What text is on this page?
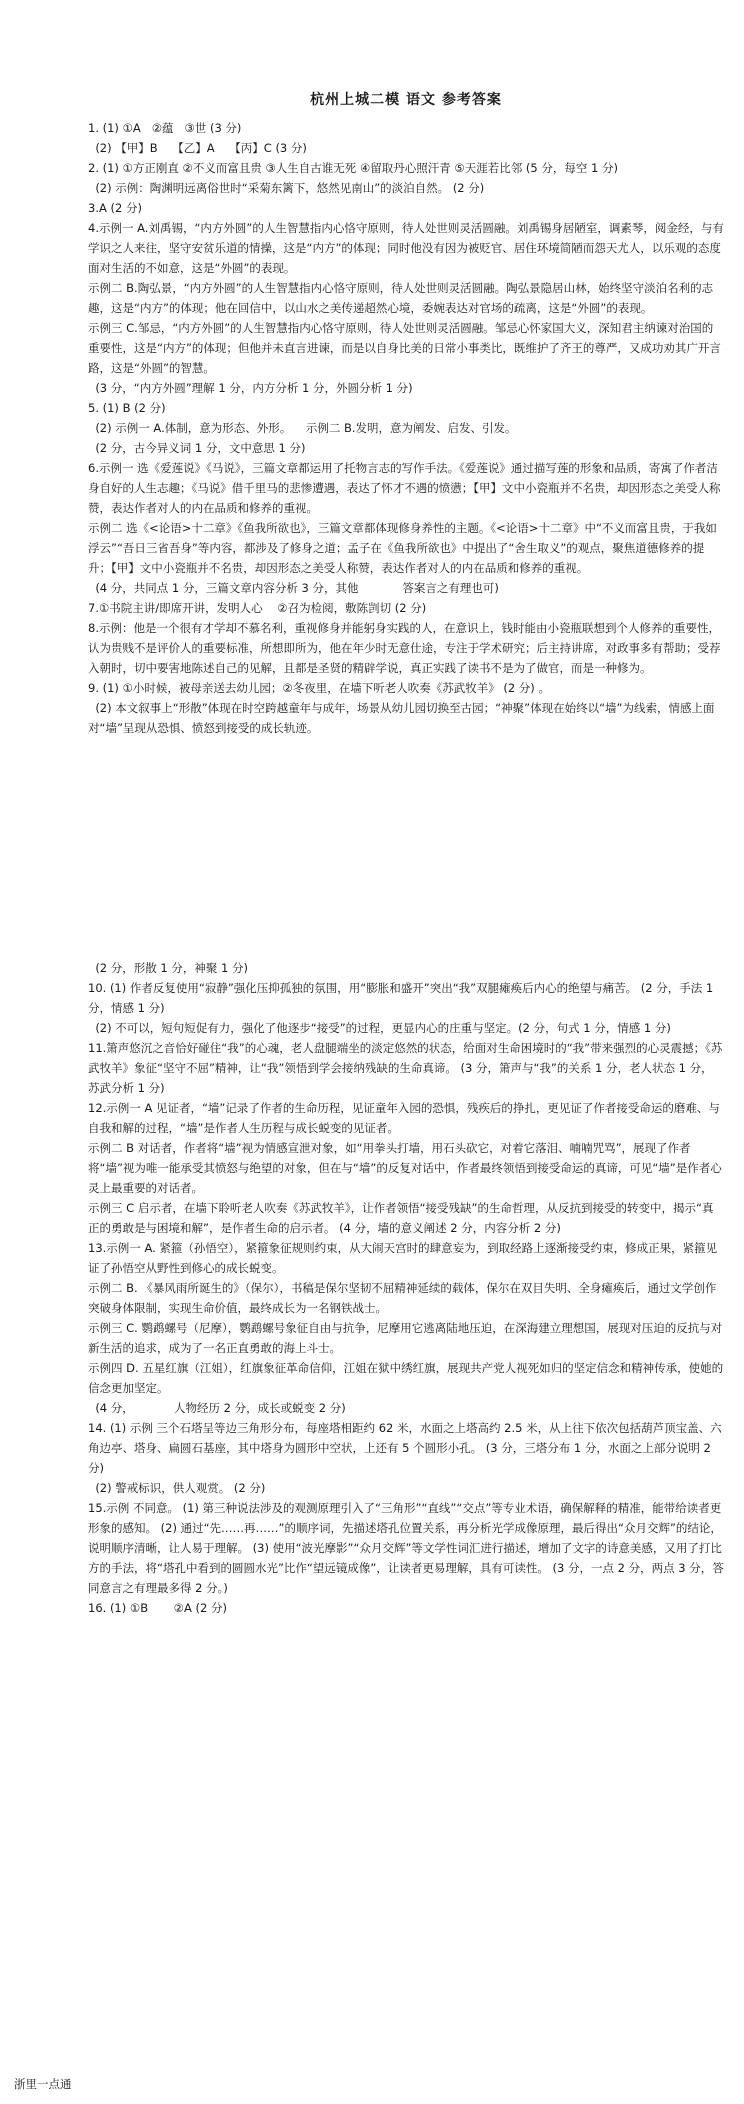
杭州上城二模 语文 参考答案
1. (1) ①A   ②蕴   ③世 (3 分)
(2) 【甲】B    【乙】A    【丙】C (3 分)
2. (1) ①方正刚直 ②不义而富且贵 ③人生自古谁无死 ④留取丹心照汗青 ⑤天涯若比邻 (5 分，每空 1 分)
(2) 示例：陶渊明远离俗世时“采菊东篱下，悠然见南山”的淡泊自然。 (2 分)
3.A (2 分)
4.示例一 A.刘禹锡，“内方外圆”的人生智慧指内心恪守原则，待人处世则灵活圆融。刘禹锡身居陋室，调素琴，阅金经，与有学识之人来往，坚守安贫乐道的情操，这是“内方”的体现；同时他没有因为被贬官、居住环境简陋而怨天尤人，以乐观的态度面对生活的不如意，这是“外圆”的表现。
示例二 B.陶弘景，“内方外圆”的人生智慧指内心恪守原则，待人处世则灵活圆融。陶弘景隐居山林，始终坚守淡泊名利的志趣，这是“内方”的体现；他在回信中，以山水之美传递超然心境，委婉表达对官场的疏离，这是“外圆”的表现。
示例三 C.邹忌，“内方外圆”的人生智慧指内心恪守原则，待人处世则灵活圆融。邹忌心怀家国大义，深知君主纳谏对治国的重要性，这是“内方”的体现；但他并未直言进谏，而是以自身比美的日常小事类比，既维护了齐王的尊严，又成功劝其广开言路，这是“外圆”的智慧。
(3 分，“内方外圆”理解 1 分，内方分析 1 分，外圆分析 1 分)
5. (1) B (2 分)
(2) 示例一 A.体制，意为形态、外形。    示例二 B.发明，意为阐发、启发、引发。
(2 分，古今异义词 1 分，文中意思 1 分)
6.示例一 选《爱莲说》《马说》，三篇文章都运用了托物言志的写作手法。《爱莲说》通过描写莲的形象和品质，寄寓了作者洁身自好的人生志趣；《马说》借千里马的悲惨遭遇，表达了怀才不遇的愤懑；【甲】文中小瓷瓶并不名贵，却因形态之美受人称赞，表达作者对人的内在品质和修养的重视。
示例二 选《<论语>十二章》《鱼我所欲也》，三篇文章都体现修身养性的主题。《<论语>十二章》中“不义而富且贵，于我如浮云”“吾日三省吾身”等内容，都涉及了修身之道；孟子在《鱼我所欲也》中提出了“舍生取义”的观点，聚焦道德修养的提升；【甲】文中小瓷瓶并不名贵，却因形态之美受人称赞，表达作者对人的内在品质和修养的重视。
(4 分，共同点 1 分，三篇文章内容分析 3 分，其他            答案言之有理也可)
7.①书院主讲/即席开讲，发明人心    ②召为检阅，敷陈剀切 (2 分)
8.示例：他是一个很有才学却不慕名利，重视修身并能躬身实践的人，在意识上，钱时能由小瓷瓶联想到个人修养的重要性，认为贵贱不是评价人的重要标准，所想即所为，他在年少时无意仕途，专注于学术研究；后主持讲席，对政事多有帮助；受荐入朝时，切中要害地陈述自己的见解，且都是圣贤的精辟学说，真正实践了读书不是为了做官，而是一种修为。
9. (1) ①小时候，被母亲送去幼儿园；②冬夜里，在墙下听老人吹奏《苏武牧羊》 (2 分) 。
(2) 本文叙事上“形散”体现在时空跨越童年与成年，场景从幼儿园切换至古园；“神聚”体现在始终以“墙”为线索，情感上面对“墙”呈现从恐惧、愤怒到接受的成长轨迹。
(2 分，形散 1 分，神聚 1 分)
10. (1) 作者反复使用“寂静”强化压抑孤独的氛围，用“膨胀和盛开”突出“我”双腿瘫痪后内心的绝望与痛苦。 (2 分，手法 1 分，情感 1 分)
(2) 不可以，短句短促有力，强化了他逐步“接受”的过程，更显内心的庄重与坚定。(2 分，句式 1 分，情感 1 分)
11.箫声悠沉之音恰好碰住“我”的心魂，老人盘腿端坐的淡定悠然的状态，给面对生命困境时的“我”带来强烈的心灵震撼；《苏武牧羊》象征“坚守不屈”精神，让“我”领悟到学会接纳残缺的生命真谛。 (3 分，箫声与“我”的关系 1 分，老人状态 1 分，苏武分析 1 分)
12.示例一 A 见证者，“墙”记录了作者的生命历程，见证童年入园的恐惧，残疾后的挣扎，更见证了作者接受命运的磨难、与自我和解的过程，“墙”是作者人生历程与成长蜕变的见证者。
示例二 B 对话者，作者将“墙”视为情感宣泄对象，如“用拳头打墙，用石头砍它，对着它落泪、喃喃咒骂”，展现了作者将“墙”视为唯一能承受其愤怒与绝望的对象，但在与“墙”的反复对话中，作者最终领悟到接受命运的真谛，可见“墙”是作者心灵上最重要的对话者。
示例三 C 启示者，在墙下聆听老人吹奏《苏武牧羊》，让作者领悟“接受残缺”的生命哲理，从反抗到接受的转变中，揭示“真正的勇敢是与困境和解”，是作者生命的启示者。 (4 分，墙的意义阐述 2 分，内容分析 2 分)
13.示例一 A. 紧箍（孙悟空），紧箍象征规则约束，从大闹天宫时的肆意妄为，到取经路上逐渐接受约束，修成正果，紧箍见证了孙悟空从野性到修心的成长蜕变。
示例二 B. 《暴风雨所诞生的》（保尔），书稿是保尔坚韧不屈精神延续的载体，保尔在双目失明、全身瘫痪后，通过文学创作突破身体限制，实现生命价值，最终成长为一名钢铁战士。
示例三 C. 鹦鹉螺号（尼摩），鹦鹉螺号象征自由与抗争，尼摩用它逃离陆地压迫，在深海建立理想国，展现对压迫的反抗与对新生活的追求，成为了一名正直勇敢的海上斗士。
示例四 D. 五星红旗（江姐），红旗象征革命信仰，江姐在狱中绣红旗，展现共产党人视死如归的坚定信念和精神传承，使她的信念更加坚定。
(4 分，           人物经历 2 分，成长或蜕变 2 分)
14. (1) 示例 三个石塔呈等边三角形分布，每座塔相距约 62 米，水面之上塔高约 2.5 米，从上往下依次包括葫芦顶宝盖、六角边亭、塔身、扁圆石基座，其中塔身为圆形中空状，上还有 5 个圆形小孔。 (3 分，三塔分布 1 分，水面之上部分说明 2 分)
(2) 警戒标识，供人观赏。 (2 分)
15.示例 不同意。 (1) 第三种说法涉及的观测原理引入了“三角形”“直线”“交点”等专业术语，确保解释的精准，能带给读者更形象的感知。 (2) 通过“先……再……”的顺序词，先描述塔孔位置关系，再分析光学成像原理，最后得出“众月交辉”的结论，说明顺序清晰，让人易于理解。 (3) 使用“波光摩影”“众月交辉”等文学性词汇进行描述，增加了文字的诗意美感，又用了打比方的手法，将“塔孔中看到的圆圆水光”比作“望远镜成像”，让读者更易理解，具有可读性。 (3 分，一点 2 分，两点 3 分，答同意言之有理最多得 2 分。)
16. (1) ①B       ②A (2 分)
浙里一点通
